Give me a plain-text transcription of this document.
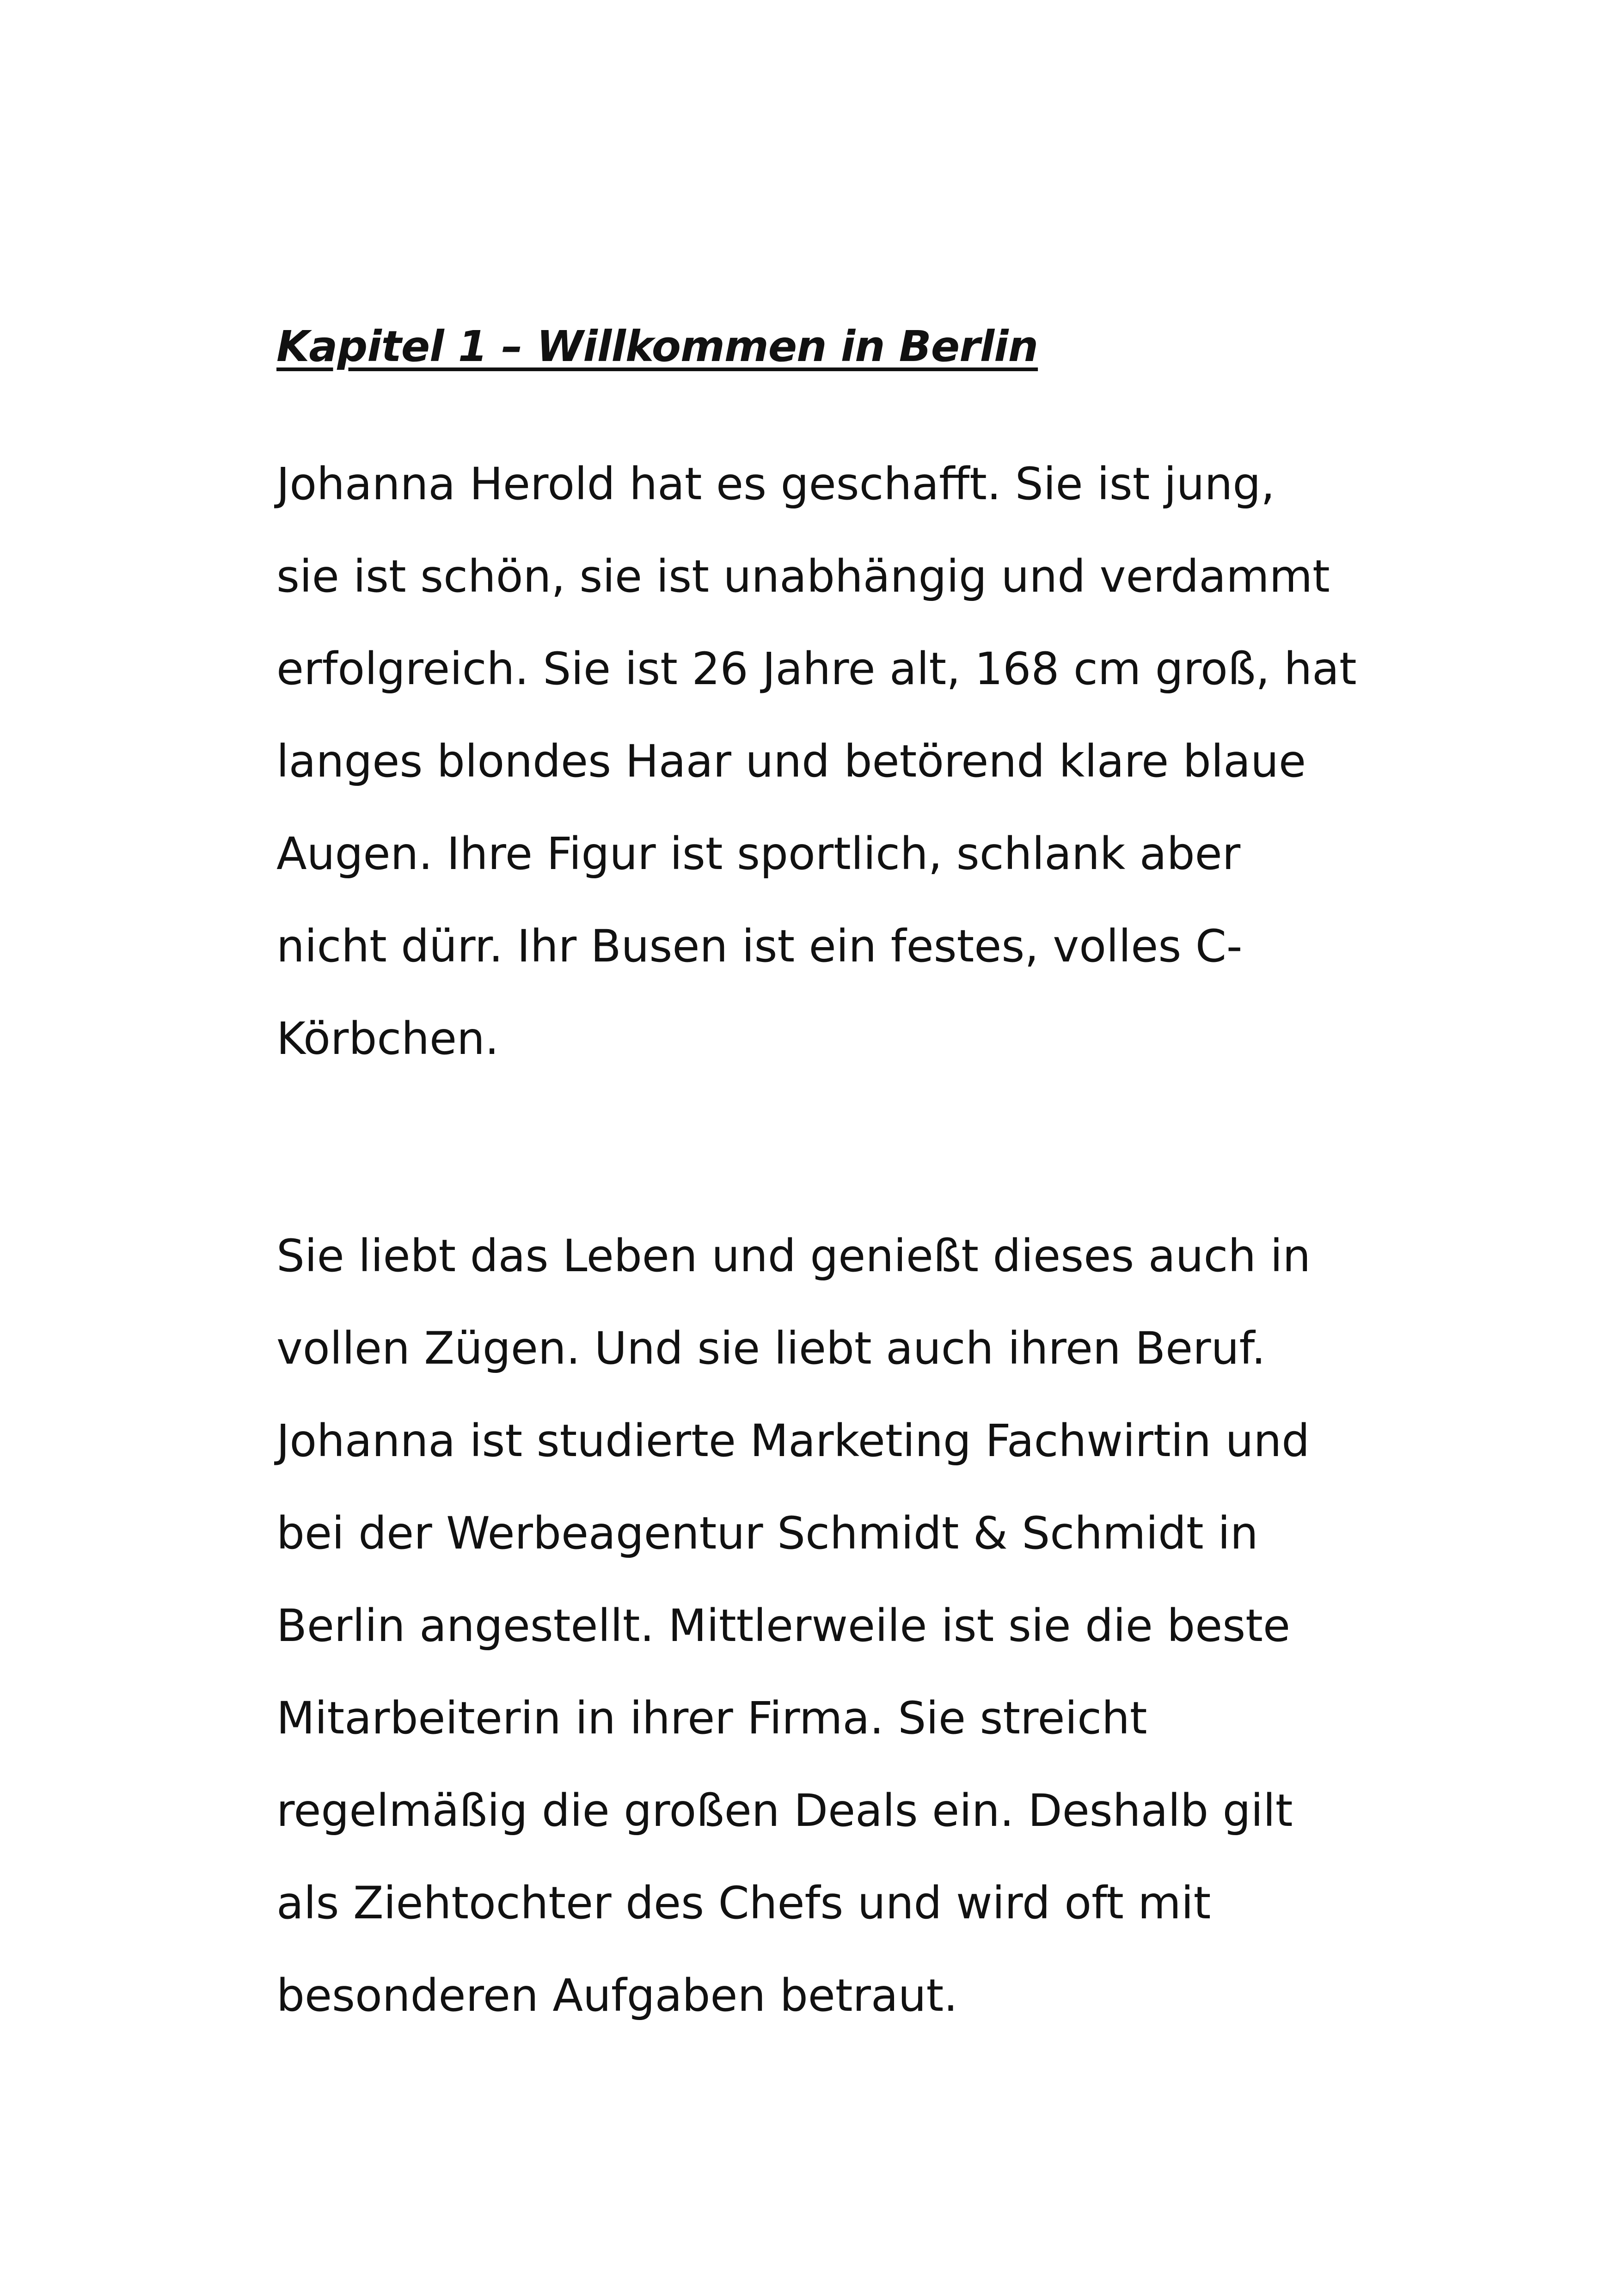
Kapitel 1 – Willkommen in Berlin
Johanna Herold hat es geschafft. Sie ist jung,
sie ist schön, sie ist unabhängig und verdammt
erfolgreich. Sie ist 26 Jahre alt, 168 cm groß, hat
langes blondes Haar und betörend klare blaue
Augen. Ihre Figur ist sportlich, schlank aber
nicht dürr. Ihr Busen ist ein festes, volles C-
Körbchen.
Sie liebt das Leben und genießt dieses auch in
vollen Zügen. Und sie liebt auch ihren Beruf.
Johanna ist studierte Marketing Fachwirtin und
bei der Werbeagentur Schmidt & Schmidt in
Berlin angestellt. Mittlerweile ist sie die beste
Mitarbeiterin in ihrer Firma. Sie streicht
regelmäßig die großen Deals ein. Deshalb gilt
als Ziehtochter des Chefs und wird oft mit
besonderen Aufgaben betraut.
